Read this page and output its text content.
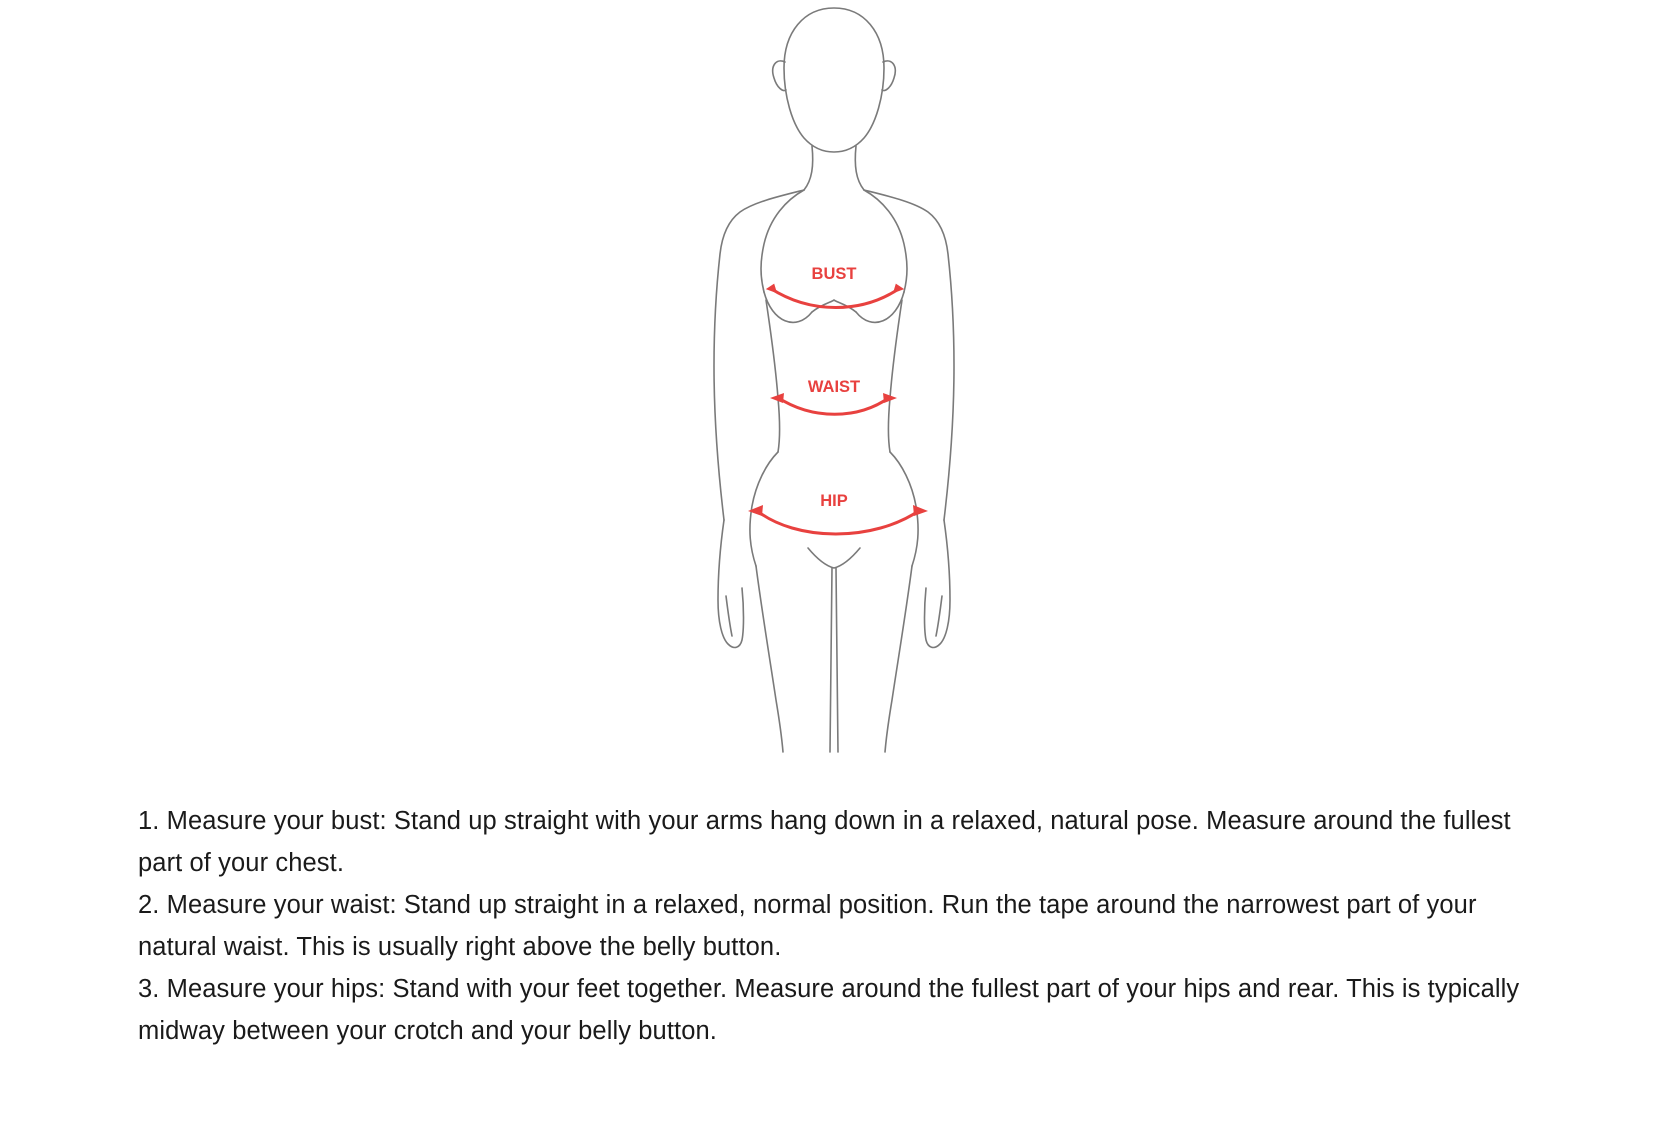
BUST
WAIST
HIP

1. Measure your bust: Stand up straight with your arms hang down in a relaxed, natural pose. Measure around the fullest part of your chest.

2. Measure your waist: Stand up straight in a relaxed, normal position. Run the tape around the narrowest part of your natural waist. This is usually right above the belly button.

3. Measure your hips: Stand with your feet together. Measure around the fullest part of your hips and rear. This is typically midway between your crotch and your belly button.
